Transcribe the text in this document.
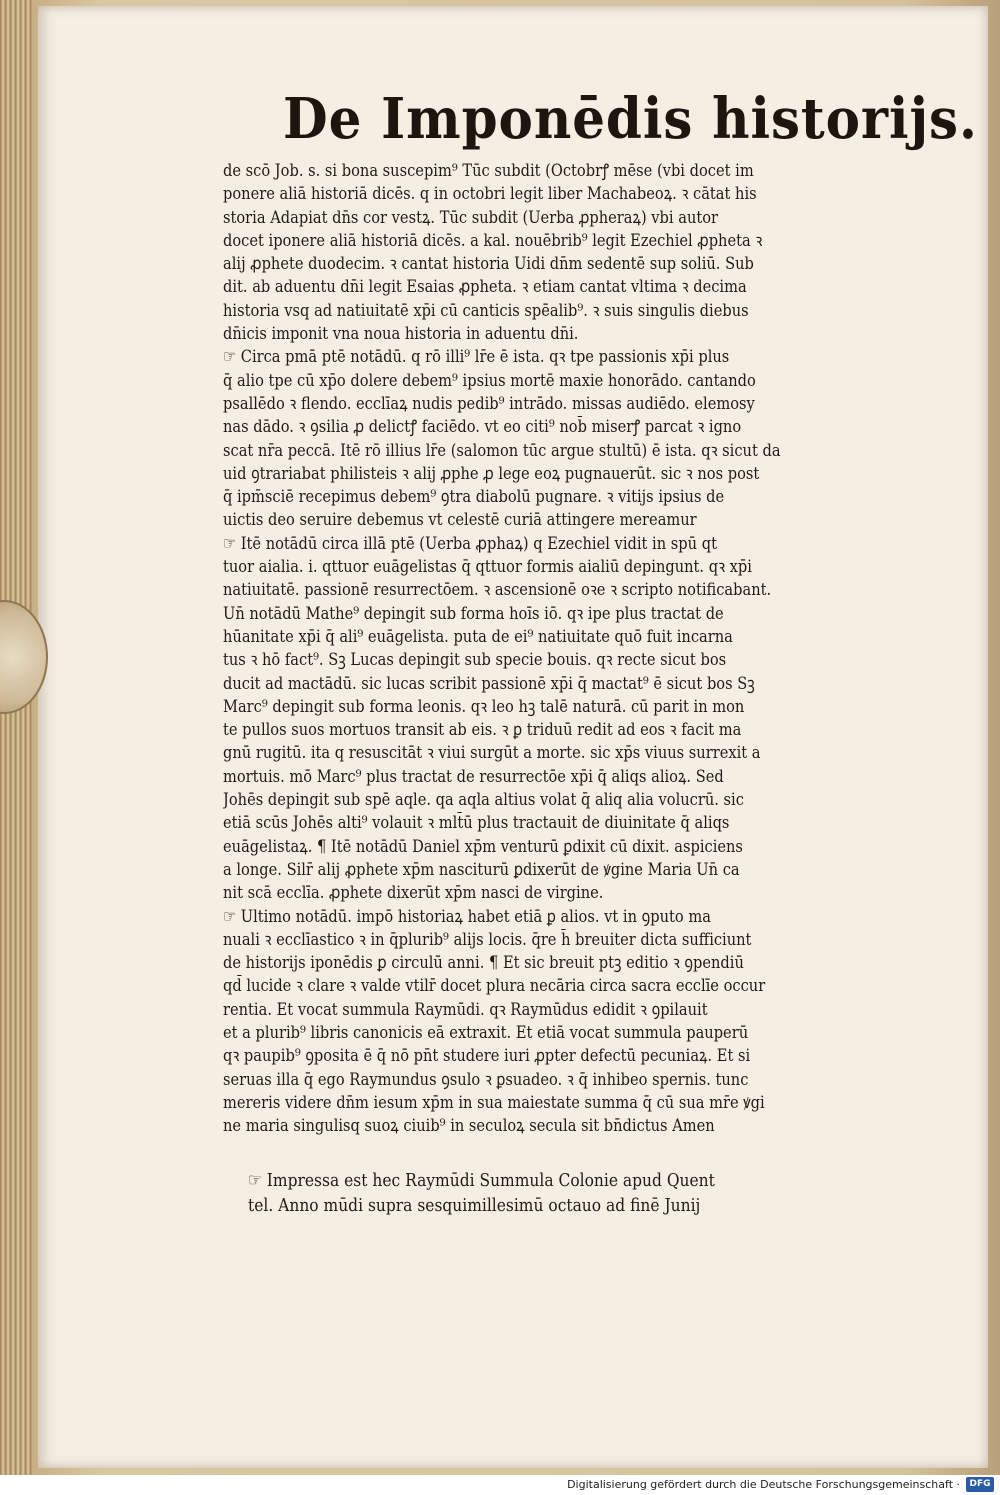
De Imponēdis historijs.
de scō Job. s. si bona suscepim⁹ Tūc subdit (Octobrꝭ mēse (vbi docet im
ponere aliā historiā dicēs. q in octobri legit liber Machabeoꝝ. ꝛ cātat his
storia Adapiat dn̄s cor vestꝝ. Tūc subdit (Uerba ꝓpheraꝝ) vbi autor
docet iponere aliā historiā dicēs. a kal. nouēbrib⁹ legit Ezechiel ꝓpheta ꝛ
alij ꝓphete duodecim. ꝛ cantat historia Uidi dn̄m sedentē sup soliū. Sub
dit. ab aduentu dn̄i legit Esaias ꝓpheta. ꝛ etiam cantat vltima ꝛ decima
historia vsq ad natiuitatē xp̄i cū canticis spēalib⁹. ꝛ suis singulis diebus
dn̄icis imponit vna noua historia in aduentu dn̄i.
☞ Circa pmā ptē notādū. q rō illi⁹ lr̄e ē ista. qꝛ tpe passionis xp̄i plus
q̄ alio tpe cū xp̄o dolere debem⁹ ipsius mortē maxie honorādo. cantando
psallēdo ꝛ flendo. ecclīaꝝ nudis pedib⁹ intrādo. missas audiēdo. elemosy
nas dādo. ꝛ ꝯsilia ꝓ delictꝭ faciēdo. vt eo citi⁹ nob̄ miserꝭ parcat ꝛ igno
scat nr̄a peccā. Itē rō illius lr̄e (salomon tūc argue stultū) ē ista. qꝛ sicut da
uid ꝯtrariabat philisteis ꝛ alij ꝓphe ꝓ lege eoꝝ pugnauerūt. sic ꝛ nos post
q̄ ipm̄sciē recepimus debem⁹ ꝯtra diabolū pugnare. ꝛ vitijs ipsius de
uictis deo seruire debemus vt celestē curiā attingere mereamur
☞ Itē notādū circa illā ptē (Uerba ꝓphaꝝ) q Ezechiel vidit in spū qt
tuor aialia. i. qttuor euāgelistas q̄ qttuor formis aialiū depingunt. qꝛ xp̄i
natiuitatē. passionē resurrectōem. ꝛ ascensionē oꝛe ꝛ scripto notificabant.
Un̄ notādū Mathe⁹ depingit sub forma hoīs iō. qꝛ ipe plus tractat de
hūanitate xp̄i q̄ ali⁹ euāgelista. puta de ei⁹ natiuitate quō fuit incarna
tus ꝛ hō fact⁹. Sꝫ Lucas depingit sub specie bouis. qꝛ recte sicut bos
ducit ad mactādū. sic lucas scribit passionē xp̄i q̄ mactat⁹ ē sicut bos Sꝫ
Marc⁹ depingit sub forma leonis. qꝛ leo hꝫ talē naturā. cū parit in mon
te pullos suos mortuos transit ab eis. ꝛ ꝑ triduū redit ad eos ꝛ facit ma
gnū rugitū. ita q resuscitāt ꝛ viui surgūt a morte. sic xp̄s viuus surrexit a
mortuis. mō Marc⁹ plus tractat de resurrectōe xp̄i q̄ aliqs alioꝝ. Sed
Johēs depingit sub spē aqle. qa aqla altius volat q̄ aliq alia volucrū. sic
etiā scūs Johēs alti⁹ volauit ꝛ mlt̄ū plus tractauit de diuinitate q̄ aliqs
euāgelistaꝝ. ¶ Itē notādū Daniel xp̄m venturū ꝑdixit cū dixit. aspiciens
a longe. Silr̄ alij ꝓphete xp̄m nasciturū ꝑdixerūt de ꝟgine Maria Un̄ ca
nit scā ecclīa. ꝓphete dixerūt xp̄m nasci de virgine.
☞ Ultimo notādū. impō historiaꝝ habet etiā ꝑ alios. vt in ꝯputo ma
nuali ꝛ ecclīastico ꝛ in q̄plurib⁹ alijs locis. q̄re h̄ breuiter dicta sufficiunt
de historijs iponēdis ꝑ circulū anni. ¶ Et sic breuit ptꝫ editio ꝛ ꝯpendiū
qd̄ lucide ꝛ clare ꝛ valde vtilr̄ docet plura necāria circa sacra ecclīe occur
rentia. Et vocat summula Raymūdi. qꝛ Raymūdus edidit ꝛ ꝯpilauit
et a plurib⁹ libris canonicis eā extraxit. Et etiā vocat summula pauperū
qꝛ paupib⁹ ꝯposita ē q̄ nō pn̄t studere iuri ꝓpter defectū pecuniaꝝ. Et si
seruas illa q̄ ego Raymundus ꝯsulo ꝛ ꝑsuadeo. ꝛ q̄ inhibeo spernis. tunc
mereris videre dn̄m iesum xp̄m in sua maiestate summa q̄ cū sua mr̄e ꝟgi
ne maria singulisq suoꝝ ciuib⁹ in seculoꝝ secula sit bn̄dictus Amen
☞ Impressa est hec Raymūdi Summula Colonie apud Quent
tel. Anno mūdi supra sesquimillesimū octauo ad finē Junij
Digitalisierung gefördert durch die Deutsche Forschungsgemeinschaft ·	DFG
